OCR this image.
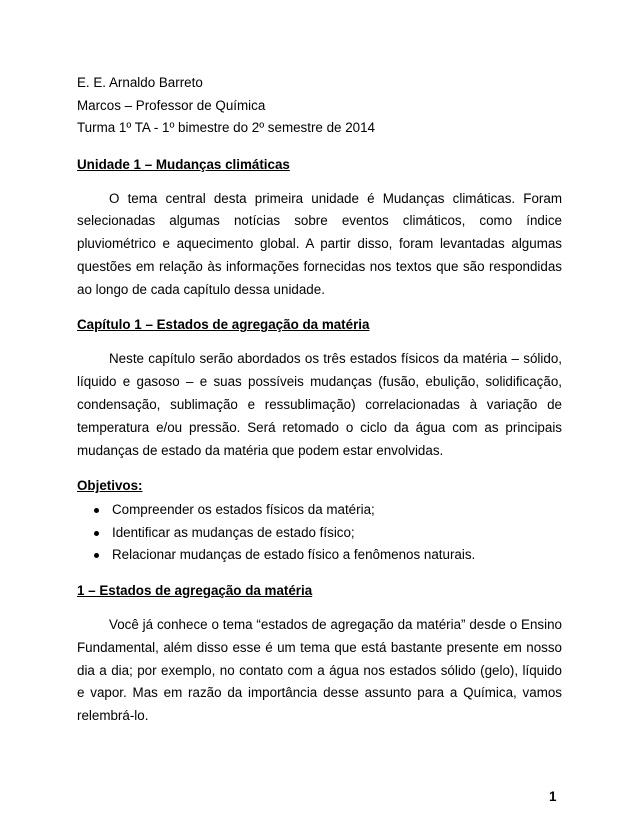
E. E. Arnaldo Barreto

Marcos – Professor de Química

Turma 1º TA - 1º bimestre do 2º semestre de 2014

Unidade 1 – Mudanças climáticas

O tema central desta primeira unidade é Mudanças climáticas. Foram selecionadas algumas notícias sobre eventos climáticos, como índice pluviométrico e aquecimento global. A partir disso, foram levantadas algumas questões em relação às informações fornecidas nos textos que são respondidas ao longo de cada capítulo dessa unidade.

Capítulo 1 – Estados de agregação da matéria

Neste capítulo serão abordados os três estados físicos da matéria – sólido, líquido e gasoso – e suas possíveis mudanças (fusão, ebulição, solidificação, condensação, sublimação e ressublimação) correlacionadas à variação de temperatura e/ou pressão. Será retomado o ciclo da água com as principais mudanças de estado da matéria que podem estar envolvidas.

Objetivos:

Compreender os estados físicos da matéria;
Identificar as mudanças de estado físico;
Relacionar mudanças de estado físico a fenômenos naturais.

1 – Estados de agregação da matéria

Você já conhece o tema “estados de agregação da matéria” desde o Ensino Fundamental, além disso esse é um tema que está bastante presente em nosso dia a dia; por exemplo, no contato com a água nos estados sólido (gelo), líquido e vapor. Mas em razão da importância desse assunto para a Química, vamos relembrá-lo.

1
